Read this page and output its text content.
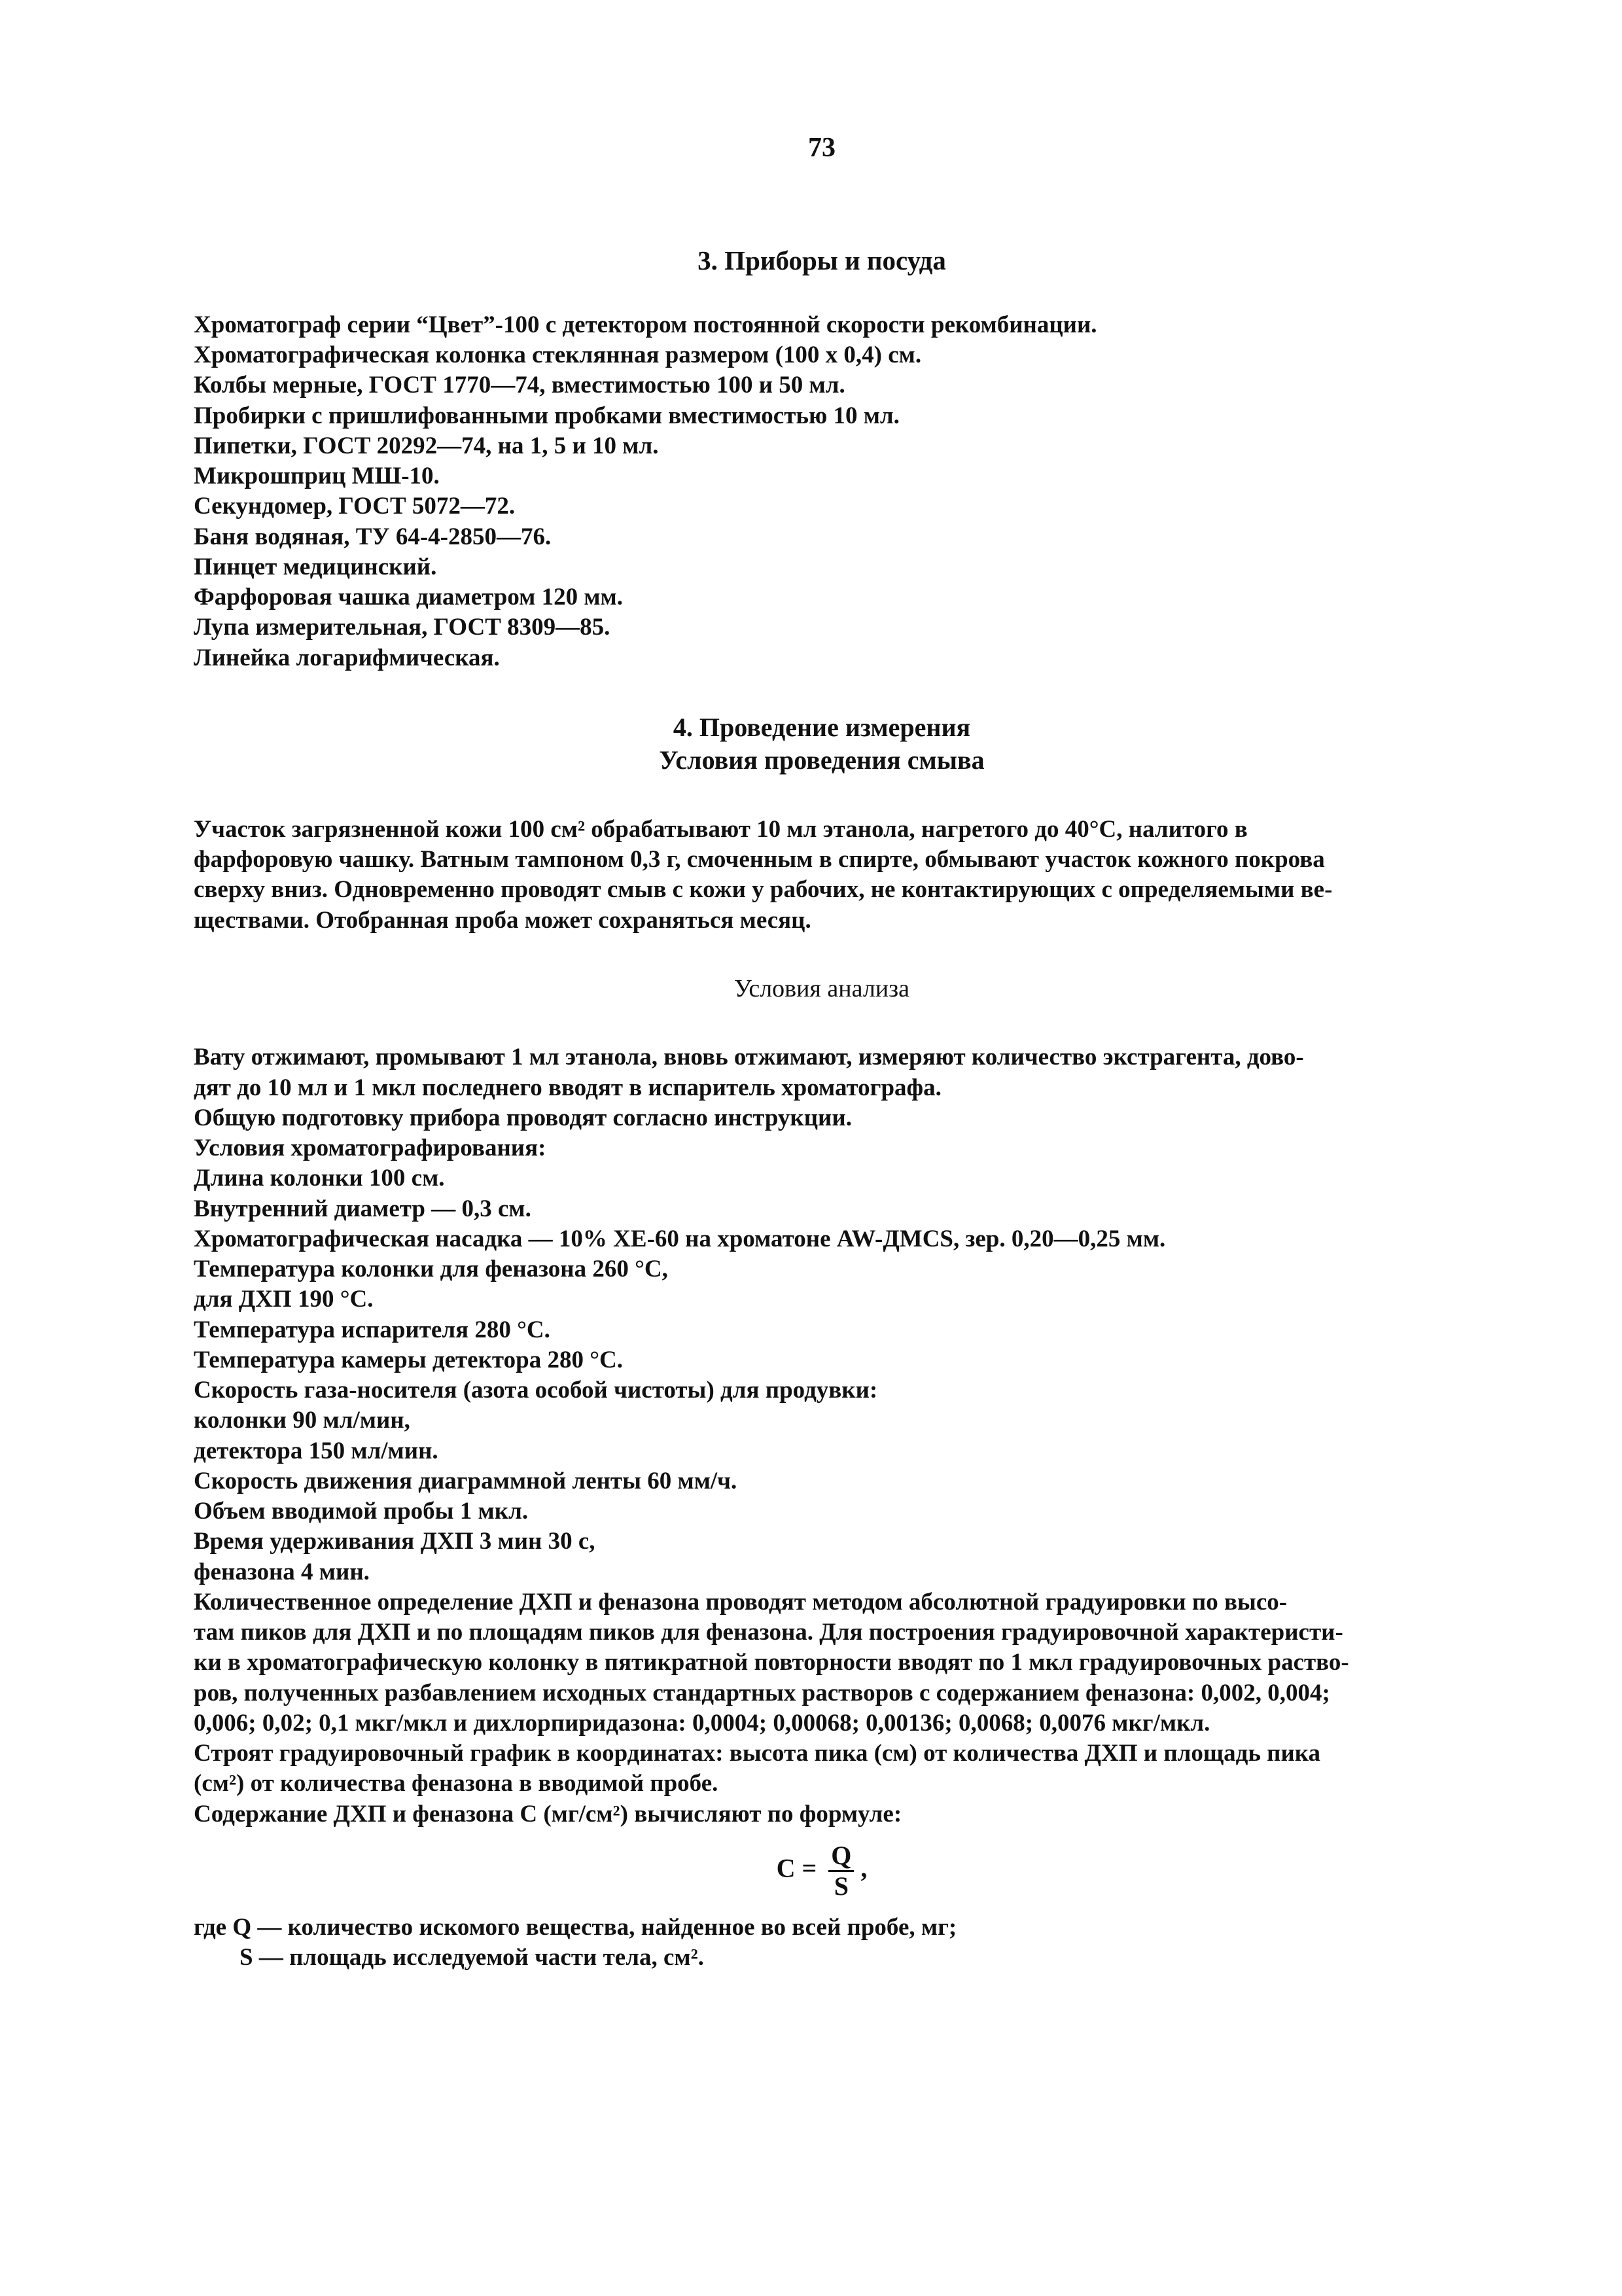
73
3. Приборы и посуда
Хроматограф серии “Цвет”-100 с детектором постоянной скорости рекомбинации.
Хроматографическая колонка стеклянная размером (100 х 0,4) см.
Колбы мерные, ГОСТ 1770—74, вместимостью 100 и 50 мл.
Пробирки с пришлифованными пробками вместимостью 10 мл.
Пипетки, ГОСТ 20292—74, на 1, 5 и 10 мл.
Микрошприц МШ-10.
Секундомер, ГОСТ 5072—72.
Баня водяная, ТУ 64-4-2850—76.
Пинцет медицинский.
Фарфоровая чашка диаметром 120 мм.
Лупа измерительная, ГОСТ 8309—85.
Линейка логарифмическая.
4. Проведение измерения
Условия проведения смыва
Участок загрязненной кожи 100 см² обрабатывают 10 мл этанола, нагретого до 40°С, налитого в
фарфоровую чашку. Ватным тампоном 0,3 г, смоченным в спирте, обмывают участок кожного покрова
сверху вниз. Одновременно проводят смыв с кожи у рабочих, не контактирующих с определяемыми ве-
ществами. Отобранная проба может сохраняться месяц.
Условия анализа
Вату отжимают, промывают 1 мл этанола, вновь отжимают, измеряют количество экстрагента, дово-
дят до 10 мл и 1 мкл последнего вводят в испаритель хроматографа.
Общую подготовку прибора проводят согласно инструкции.
Условия хроматографирования:
Длина колонки 100 см.
Внутренний диаметр — 0,3 см.
Хроматографическая насадка — 10% ХЕ-60 на хроматоне AW-ДМCS, зер. 0,20—0,25 мм.
Температура колонки для феназона 260 °С,
для ДХП 190 °С.
Температура испарителя 280 °С.
Температура камеры детектора 280 °С.
Скорость газа-носителя (азота особой чистоты) для продувки:
колонки 90 мл/мин,
детектора 150 мл/мин.
Скорость движения диаграммной ленты 60 мм/ч.
Объем вводимой пробы 1 мкл.
Время удерживания ДХП 3 мин 30 с,
феназона 4 мин.
Количественное определение ДХП и феназона проводят методом абсолютной градуировки по высо-
там пиков для ДХП и по площадям пиков для феназона. Для построения градуировочной характеристи-
ки в хроматографическую колонку в пятикратной повторности вводят по 1 мкл градуировочных раство-
ров, полученных разбавлением исходных стандартных растворов с содержанием феназона: 0,002, 0,004;
0,006; 0,02; 0,1 мкг/мкл и дихлорпиридазона: 0,0004; 0,00068; 0,00136; 0,0068; 0,0076 мкг/мкл.
Строят градуировочный график в координатах: высота пика (см) от количества ДХП и площадь пика
(см²) от количества феназона в вводимой пробе.
Содержание ДХП и феназона С (мг/см²) вычисляют по формуле:
$С = \frac{Q}{S}$ ,
где Q — количество искомого вещества, найденное во всей пробе, мг;
S — площадь исследуемой части тела, см².
